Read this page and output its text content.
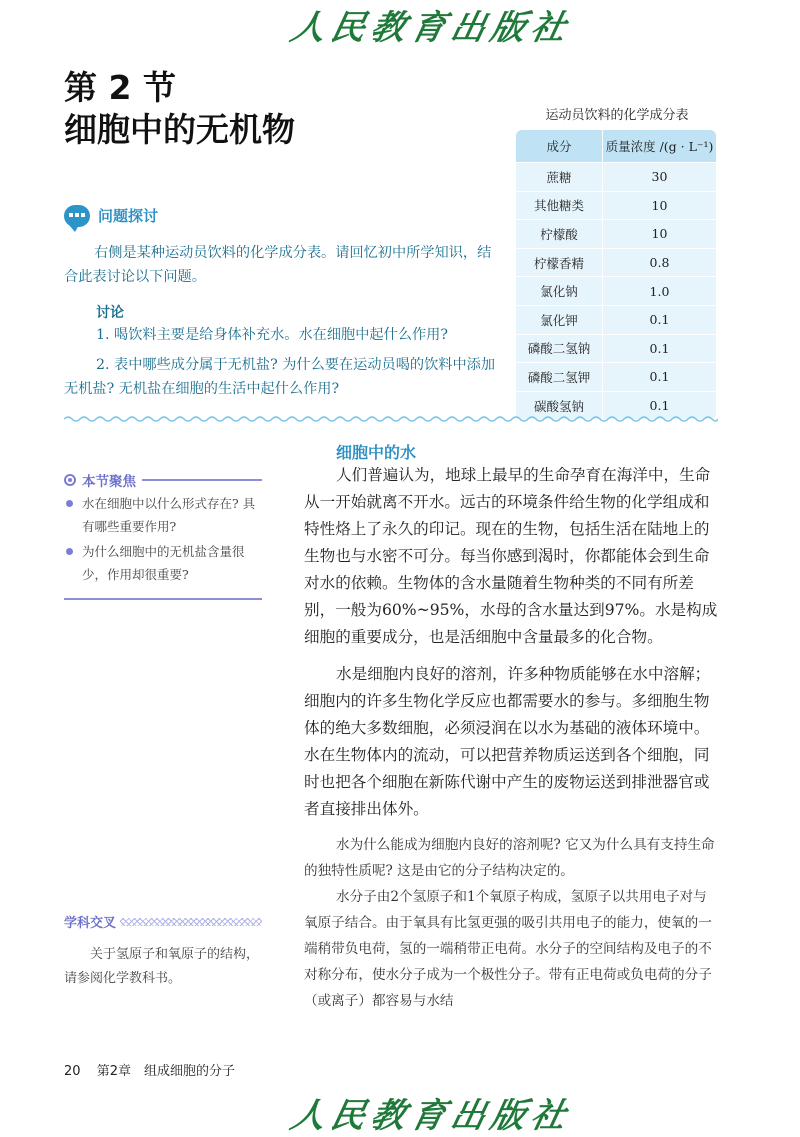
人民教育出版社
第 2 节
细胞中的无机物	运动员饮料的化学成分表
成分	质量浓度 /(g · L⁻¹)
蔗糖	30
其他糖类	10
柠檬酸	10
柠檬香精	0.8
氯化钠	1.0
氯化钾	0.1
磷酸二氢钠	0.1
磷酸二氢钾	0.1
碳酸氢钠	0.1
问题探讨
右侧是某种运动员饮料的化学成分表。请回忆初中所学知识，结合此表讨论以下问题。
讨论
1. 喝饮料主要是给身体补充水。水在细胞中起什么作用?
2. 表中哪些成分属于无机盐? 为什么要在运动员喝的饮料中添加无机盐? 无机盐在细胞的生活中起什么作用?
细胞中的水
本节聚焦
水在细胞中以什么形式存在? 具有哪些重要作用?
为什么细胞中的无机盐含量很少，作用却很重要?
人们普遍认为，地球上最早的生命孕育在海洋中，生命从一开始就离不开水。远古的环境条件给生物的化学组成和特性烙上了永久的印记。现在的生物，包括生活在陆地上的生物也与水密不可分。每当你感到渴时，你都能体会到生命对水的依赖。生物体的含水量随着生物种类的不同有所差别，一般为60%~95%，水母的含水量达到97%。水是构成细胞的重要成分，也是活细胞中含量最多的化合物。
水是细胞内良好的溶剂，许多种物质能够在水中溶解；细胞内的许多生物化学反应也都需要水的参与。多细胞生物体的绝大多数细胞，必须浸润在以水为基础的液体环境中。水在生物体内的流动，可以把营养物质运送到各个细胞，同时也把各个细胞在新陈代谢中产生的废物运送到排泄器官或者直接排出体外。
水为什么能成为细胞内良好的溶剂呢? 它又为什么具有支持生命的独特性质呢? 这是由它的分子结构决定的。
水分子由2个氢原子和1个氧原子构成，氢原子以共用电子对与氧原子结合。由于氧具有比氢更强的吸引共用电子的能力，使氧的一端稍带负电荷，氢的一端稍带正电荷。水分子的空间结构及电子的不对称分布，使水分子成为一个极性分子。带有正电荷或负电荷的分子（或离子）都容易与水结
学科交叉
关于氢原子和氧原子的结构，请参阅化学教科书。
20 第2章　组成细胞的分子
人民教育出版社
